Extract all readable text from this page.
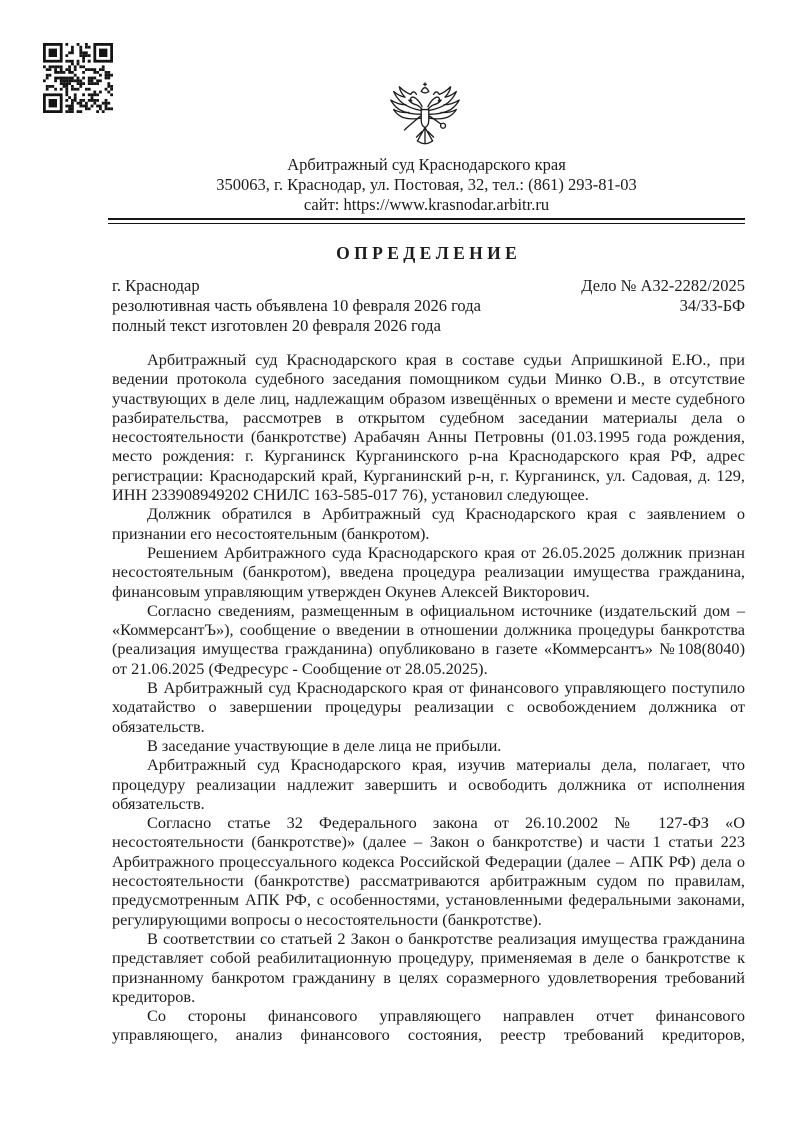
Арбитражный суд Краснодарского края
350063, г. Краснодар, ул. Постовая, 32, тел.: (861) 293-81-03
сайт: https://www.krasnodar.arbitr.ru
О П Р Е Д Е Л Е Н И Е
г. Краснодар
резолютивная часть объявлена 10 февраля 2026 года
полный текст изготовлен 20 февраля 2026 года
Дело № А32-2282/2025
34/33-БФ

Арбитражный суд Краснодарского края в составе судьи Апришкиной Е.Ю., при ведении протокола судебного заседания помощником судьи Минко О.В., в отсутствие участвующих в деле лиц, надлежащим образом извещённых о времени и месте судебного разбирательства, рассмотрев в открытом судебном заседании материалы дела о несостоятельности (банкротстве) Арабачян Анны Петровны (01.03.1995 года рождения, место рождения: г. Курганинск Курганинского р-на Краснодарского края РФ, адрес регистрации: Краснодарский край, Курганинский р-н, г. Курганинск, ул. Садовая, д. 129, ИНН 233908949202 СНИЛС 163-585-017 76), установил следующее.

Должник обратился в Арбитражный суд Краснодарского края с заявлением о признании его несостоятельным (банкротом).

Решением Арбитражного суда Краснодарского края от 26.05.2025 должник признан несостоятельным (банкротом), введена процедура реализации имущества гражданина, финансовым управляющим утвержден Окунев Алексей Викторович.

Согласно сведениям, размещенным в официальном источнике (издательский дом – «КоммерсантЪ»), сообщение о введении в отношении должника процедуры банкротства (реализация имущества гражданина) опубликовано в газете «Коммерсантъ» №108(8040) от 21.06.2025 (Федресурс - Сообщение от 28.05.2025).

В Арбитражный суд Краснодарского края от финансового управляющего поступило ходатайство о завершении процедуры реализации с освобождением должника от обязательств.

В заседание участвующие в деле лица не прибыли.

Арбитражный суд Краснодарского края, изучив материалы дела, полагает, что процедуру реализации надлежит завершить и освободить должника от исполнения обязательств.

Согласно статье 32 Федерального закона от 26.10.2002 № 127-ФЗ «О несостоятельности (банкротстве)» (далее – Закон о банкротстве) и части 1 статьи 223 Арбитражного процессуального кодекса Российской Федерации (далее – АПК РФ) дела о несостоятельности (банкротстве) рассматриваются арбитражным судом по правилам, предусмотренным АПК РФ, с особенностями, установленными федеральными законами, регулирующими вопросы о несостоятельности (банкротстве).

В соответствии со статьей 2 Закон о банкротстве реализация имущества гражданина представляет собой реабилитационную процедуру, применяемая в деле о банкротстве к признанному банкротом гражданину в целях соразмерного удовлетворения требований кредиторов.

Со стороны финансового управляющего направлен отчет финансового управляющего, анализ финансового состояния, реестр требований кредиторов,
